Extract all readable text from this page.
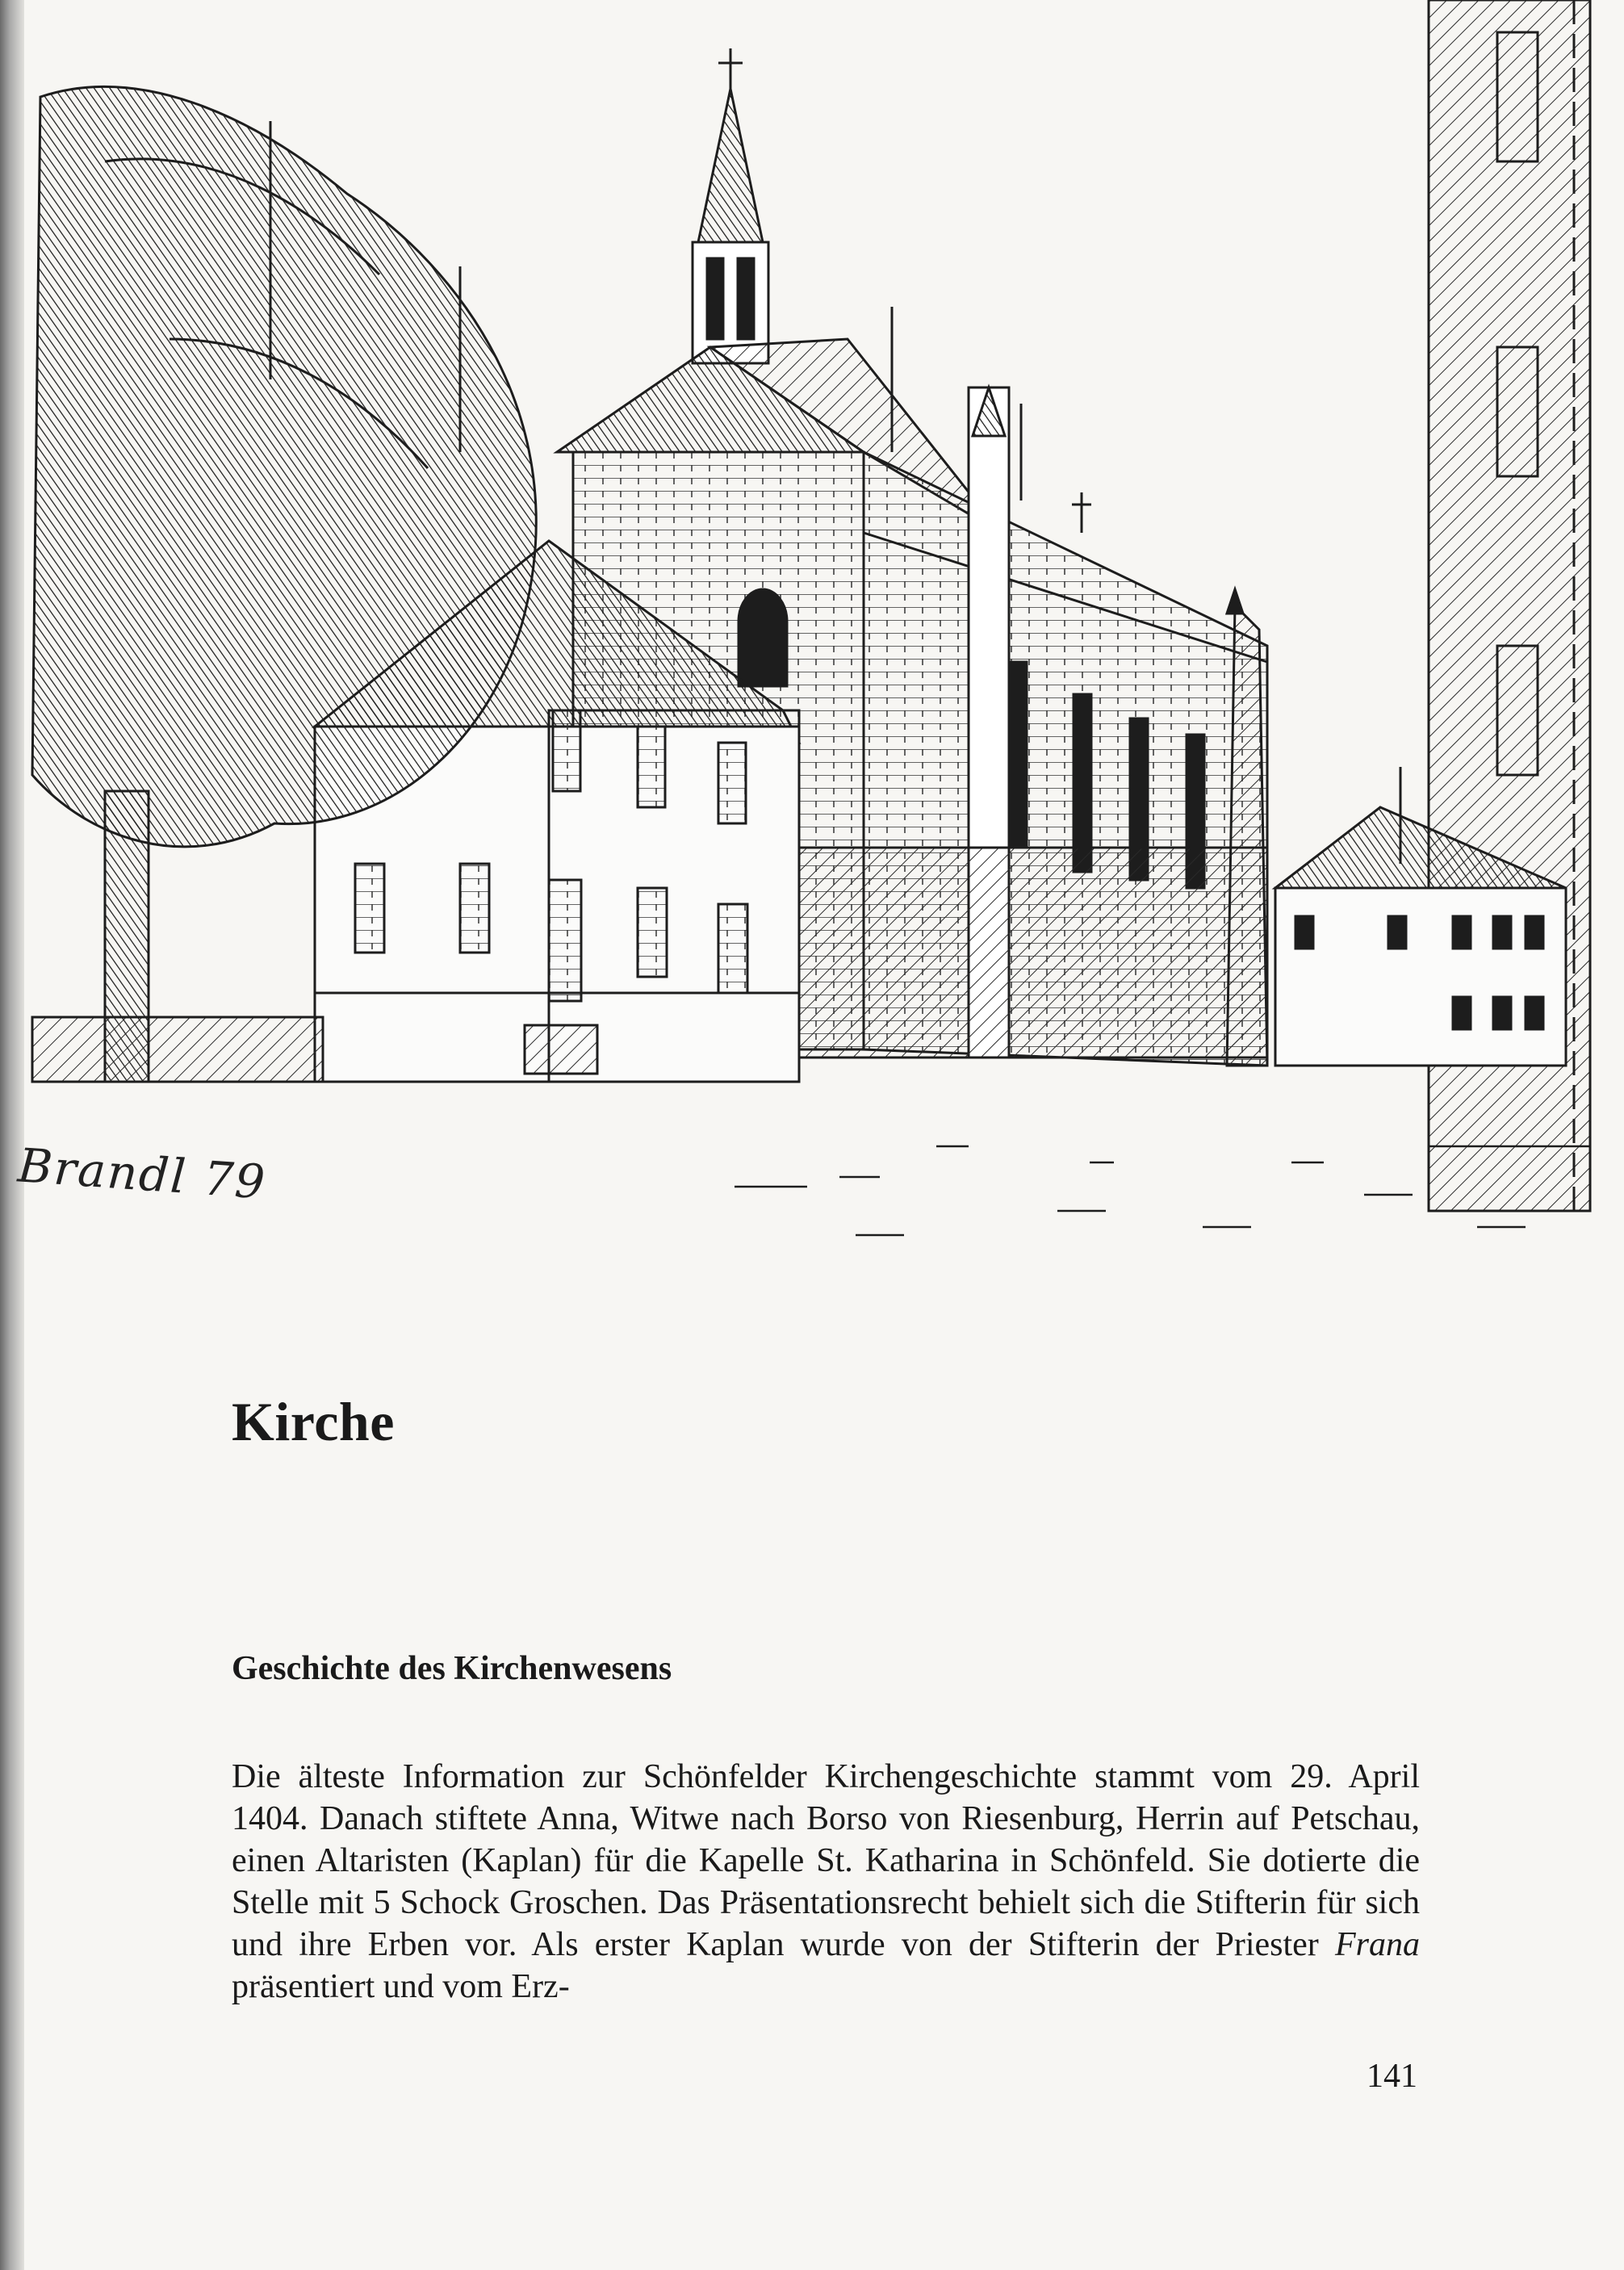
Brandl 79
Kirche
Geschichte des Kirchenwesens

Die älteste Information zur Schönfelder Kirchengeschichte stammt vom 29. April 1404. Danach stiftete Anna, Witwe nach Borso von Riesenburg, Herrin auf Petschau, einen Altaristen (Kaplan) für die Kapelle St. Katharina in Schönfeld. Sie dotierte die Stelle mit 5 Schock Groschen. Das Präsentationsrecht behielt sich die Stifterin für sich und ihre Erben vor. Als erster Kaplan wurde von der Stifterin der Priester Frana präsentiert und vom Erz-

141
